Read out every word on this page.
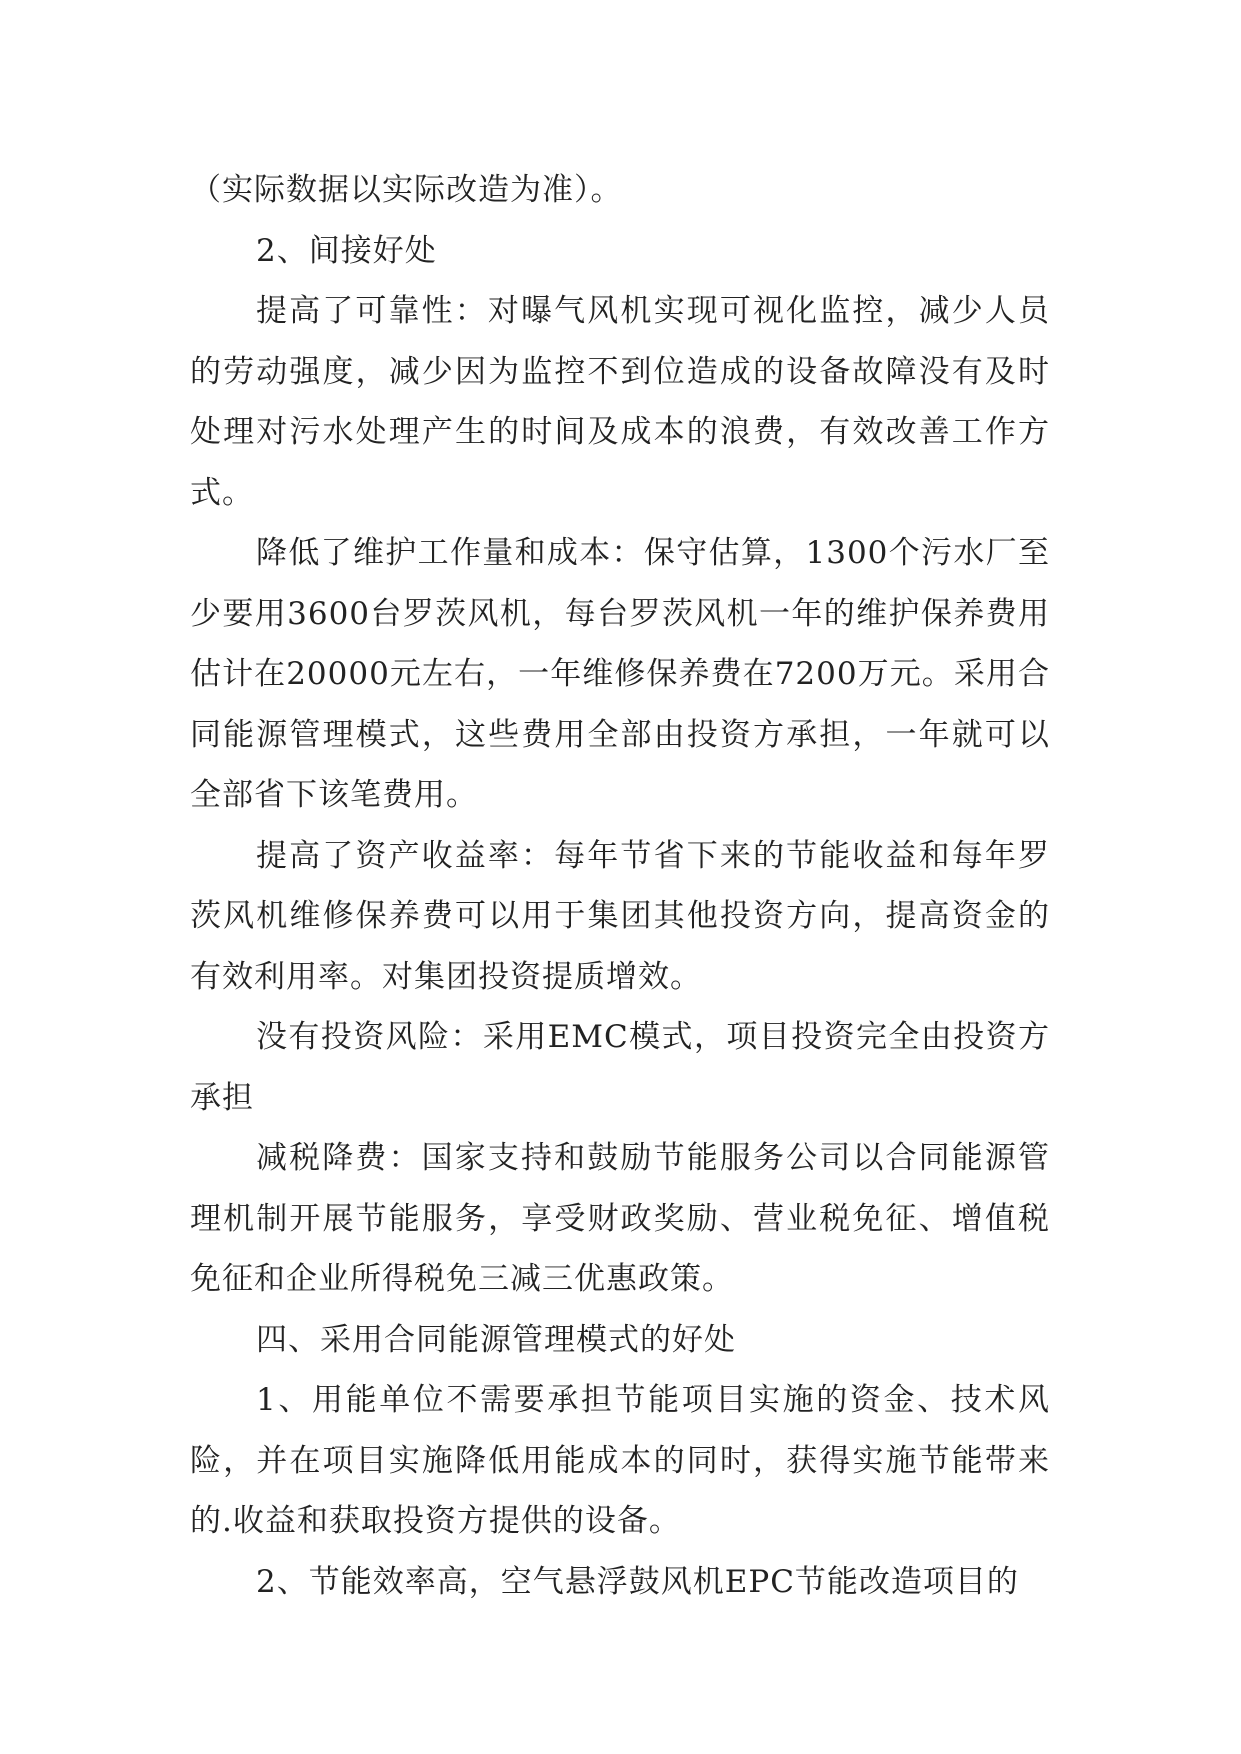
（实际数据以实际改造为准）。

2、间接好处

提高了可靠性：对曝气风机实现可视化监控，减少人员的劳动强度，减少因为监控不到位造成的设备故障没有及时处理对污水处理产生的时间及成本的浪费，有效改善工作方式。

降低了维护工作量和成本：保守估算，1300个污水厂至少要用3600台罗茨风机，每台罗茨风机一年的维护保养费用估计在20000元左右，一年维修保养费在7200万元。采用合同能源管理模式，这些费用全部由投资方承担，一年就可以全部省下该笔费用。

提高了资产收益率：每年节省下来的节能收益和每年罗茨风机维修保养费可以用于集团其他投资方向，提高资金的有效利用率。对集团投资提质增效。

没有投资风险：采用EMC模式，项目投资完全由投资方承担

减税降费：国家支持和鼓励节能服务公司以合同能源管理机制开展节能服务，享受财政奖励、营业税免征、增值税免征和企业所得税免三减三优惠政策。

四、采用合同能源管理模式的好处

1、用能单位不需要承担节能项目实施的资金、技术风险，并在项目实施降低用能成本的同时，获得实施节能带来的.收益和获取投资方提供的设备。

2、节能效率高，空气悬浮鼓风机EPC节能改造项目的
